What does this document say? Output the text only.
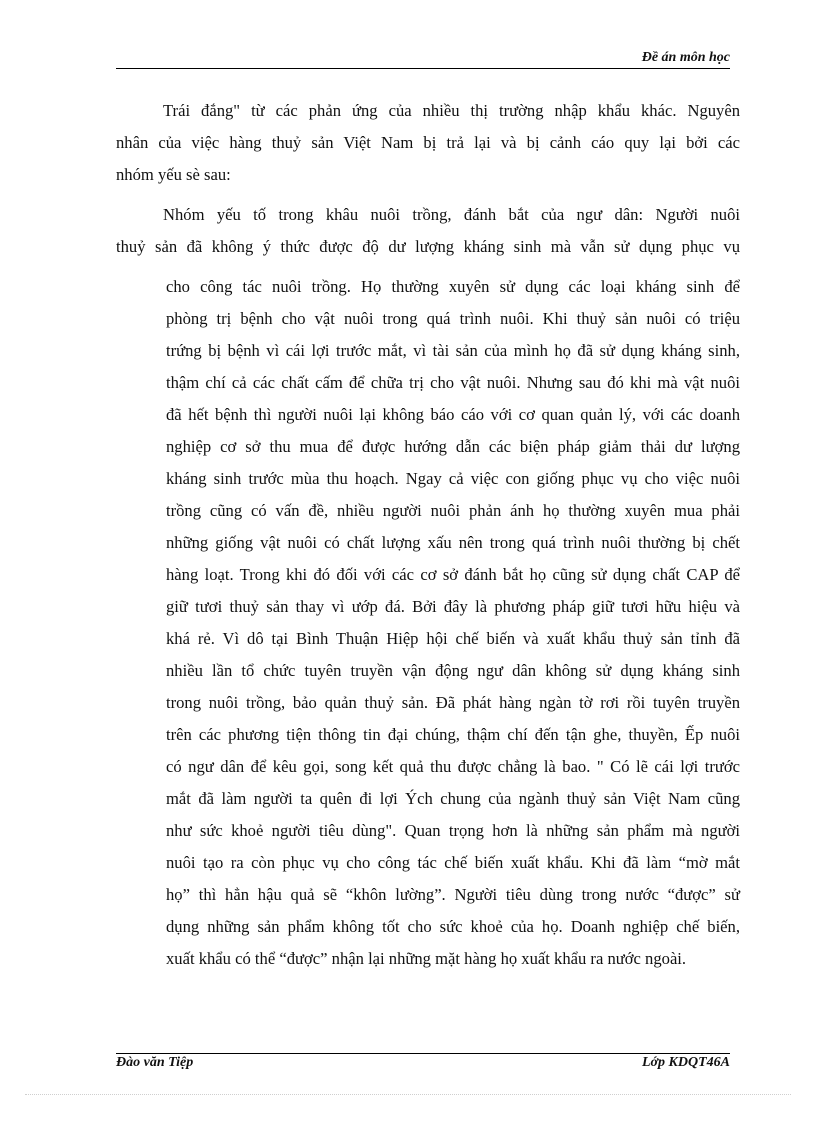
Đề án môn học
Trái đắng" từ các phản ứng của nhiều thị trường nhập khẩu khác. Nguyên
nhân của việc hàng thuỷ sản Việt Nam bị trả lại và bị cảnh cáo quy lại bởi các
nhóm yếu sè sau:
Nhóm yếu tố trong khâu nuôi trồng, đánh bắt của ngư dân: Người nuôi
thuỷ sản đã không ý thức được độ dư lượng kháng sinh mà vẫn sử dụng phục vụ
cho công tác nuôi trồng. Họ thường xuyên sử dụng các loại kháng sinh để
phòng trị bệnh cho vật nuôi trong quá trình nuôi. Khi thuỷ sản nuôi có triệu
trứng bị bệnh vì cái lợi trước mắt, vì tài sản của mình họ đã sử dụng kháng sinh,
thậm chí cả các chất cấm để chữa trị cho vật nuôi. Nhưng sau đó khi mà vật nuôi
đã hết bệnh thì người nuôi lại không báo cáo với cơ quan quản lý, với các doanh
nghiệp cơ sở thu mua để được hướng dẫn các biện pháp giảm thải dư lượng
kháng sinh trước mùa thu hoạch. Ngay cả việc con giống phục vụ cho việc nuôi
trồng cũng có vấn đề, nhiều người nuôi phản ánh họ thường xuyên mua phải
những giống vật nuôi có chất lượng xấu nên trong quá trình nuôi thường bị chết
hàng loạt. Trong khi đó đối với các cơ sở đánh bắt họ cũng sử dụng chất CAP để
giữ tươi thuỷ sản thay vì ướp đá. Bởi đây là phương pháp giữ tươi hữu hiệu và
khá rẻ. Vì dô tại Bình Thuận Hiệp hội chế biến và xuất khẩu thuỷ sản tỉnh đã
nhiều lần tổ chức tuyên truyền vận động ngư dân không sử dụng kháng sinh
trong nuôi trồng, bảo quản thuỷ sản. Đã phát hàng ngàn tờ rơi rồi tuyên truyền
trên các phương tiện thông tin đại chúng, thậm chí đến tận ghe, thuyền, Ếp nuôi
có ngư dân để kêu gọi, song kết quả thu được chẳng là bao. " Có lẽ cái lợi trước
mắt đã làm người ta quên đi lợi Ých chung của ngành thuỷ sản Việt Nam cũng
như sức khoẻ người tiêu dùng". Quan trọng hơn là những sản phẩm mà người
nuôi tạo ra còn phục vụ cho công tác chế biến xuất khẩu. Khi đã làm “mờ mắt
họ” thì hẳn hậu quả sẽ “khôn lường”. Người tiêu dùng trong nước “được” sử
dụng những sản phẩm không tốt cho sức khoẻ của họ. Doanh nghiệp chế biến,
xuất khẩu có thể “được” nhận lại những mặt hàng họ xuất khẩu ra nước ngoài.
Đào văn Tiệp	Lớp KDQT46A
